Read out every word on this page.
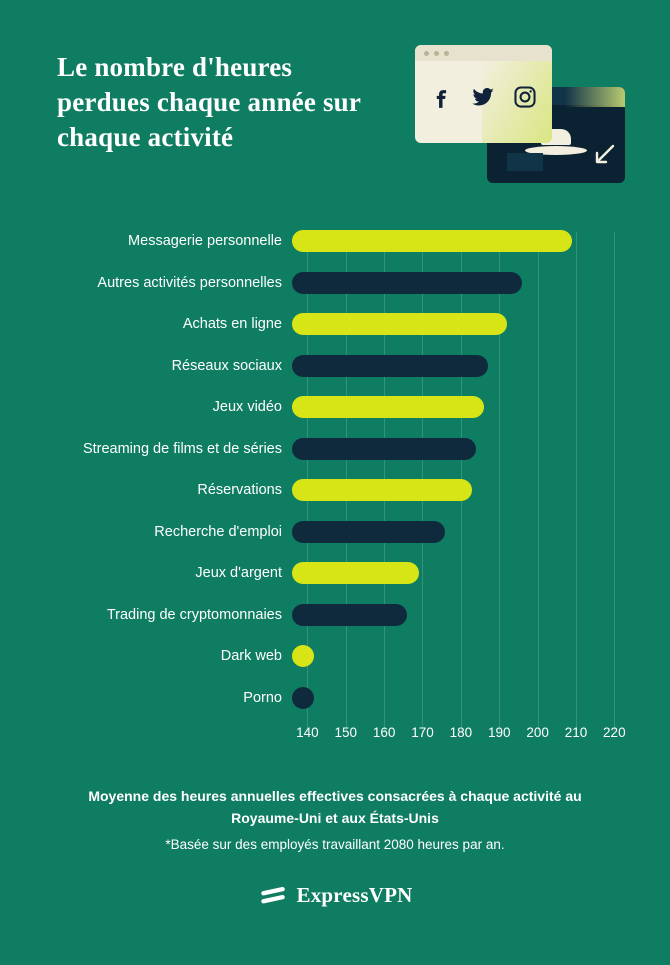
Le nombre d'heures perdues chaque année sur chaque activité
Messagerie personnelle
Autres activités personnelles
Achats en ligne
Réseaux sociaux
Jeux vidéo
Streaming de films et de séries
Réservations
Recherche d'emploi
Jeux d'argent
Trading de cryptomonnaies
Dark web
Porno
140 150 160 170 180 190 200 210 220
Moyenne des heures annuelles effectives consacrées à chaque activité au
Royaume-Uni et aux États-Unis
*Basée sur des employés travaillant 2080 heures par an.
ExpressVPN
